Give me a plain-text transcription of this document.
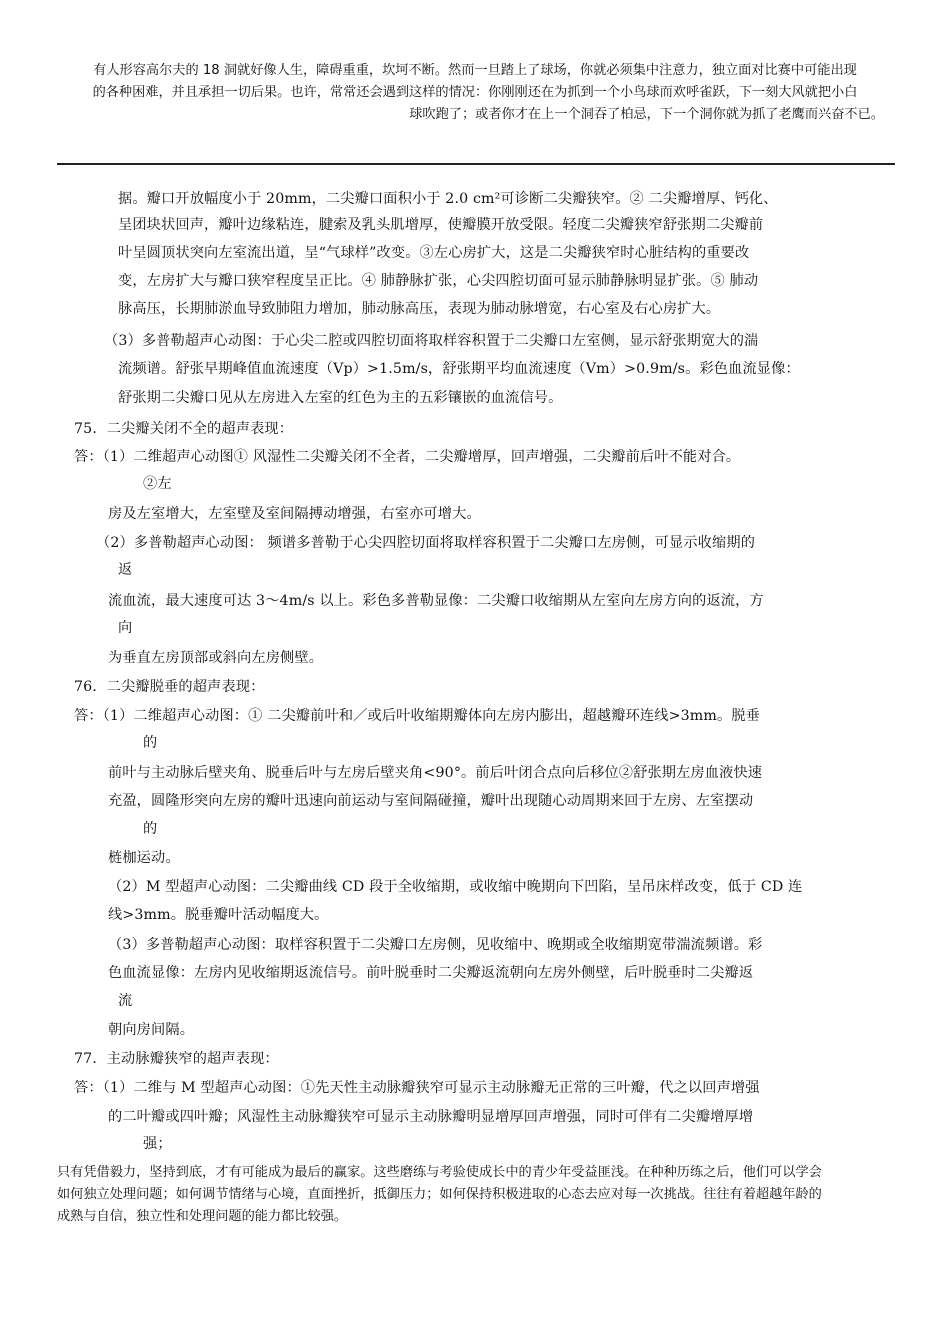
有人形容高尔夫的 18 洞就好像人生，障碍重重，坎坷不断。然而一旦踏上了球场，你就必须集中注意力，独立面对比赛中可能出现
的各种困难，并且承担一切后果。也许，常常还会遇到这样的情况：你刚刚还在为抓到一个小鸟球而欢呼雀跃，下一刻大风就把小白
球吹跑了；或者你才在上一个洞吞了柏忌，下一个洞你就为抓了老鹰而兴奋不已。
据。瓣口开放幅度小于 20mm，二尖瓣口面积小于 2.0 cm²可诊断二尖瓣狭窄。② 二尖瓣增厚、钙化、
呈团块状回声，瓣叶边缘粘连，腱索及乳头肌增厚，使瓣膜开放受限。轻度二尖瓣狭窄舒张期二尖瓣前
叶呈圆顶状突向左室流出道，呈“气球样”改变。③左心房扩大，这是二尖瓣狭窄时心脏结构的重要改
变，左房扩大与瓣口狭窄程度呈正比。④ 肺静脉扩张，心尖四腔切面可显示肺静脉明显扩张。⑤ 肺动
脉高压，长期肺淤血导致肺阻力增加，肺动脉高压，表现为肺动脉增宽，右心室及右心房扩大。
（3）多普勒超声心动图：于心尖二腔或四腔切面将取样容积置于二尖瓣口左室侧，显示舒张期宽大的湍
流频谱。舒张早期峰值血流速度（Vp）>1.5m/s，舒张期平均血流速度（Vm）>0.9m/s。彩色血流显像：
舒张期二尖瓣口见从左房进入左室的红色为主的五彩镶嵌的血流信号。
75．二尖瓣关闭不全的超声表现：
答：（1）二维超声心动图① 风湿性二尖瓣关闭不全者，二尖瓣增厚，回声增强，二尖瓣前后叶不能对合。
②左
房及左室增大，左室壁及室间隔搏动增强，右室亦可增大。
（2）多普勒超声心动图： 频谱多普勒于心尖四腔切面将取样容积置于二尖瓣口左房侧，可显示收缩期的
返
流血流，最大速度可达 3～4m/s 以上。彩色多普勒显像：二尖瓣口收缩期从左室向左房方向的返流，方
向
为垂直左房顶部或斜向左房侧壁。
76．二尖瓣脱垂的超声表现：
答：（1）二维超声心动图：① 二尖瓣前叶和／或后叶收缩期瓣体向左房内膨出，超越瓣环连线>3mm。脱垂
的
前叶与主动脉后壁夹角、脱垂后叶与左房后壁夹角<90°。前后叶闭合点向后移位②舒张期左房血液快速
充盈，圆隆形突向左房的瓣叶迅速向前运动与室间隔碰撞，瓣叶出现随心动周期来回于左房、左室摆动
的
梿枷运动。
（2）M 型超声心动图：二尖瓣曲线 CD 段于全收缩期，或收缩中晚期向下凹陷，呈吊床样改变，低于 CD 连
线>3mm。脱垂瓣叶活动幅度大。
（3）多普勒超声心动图：取样容积置于二尖瓣口左房侧，见收缩中、晚期或全收缩期宽带湍流频谱。彩
色血流显像：左房内见收缩期返流信号。前叶脱垂时二尖瓣返流朝向左房外侧壁，后叶脱垂时二尖瓣返
流
朝向房间隔。
77．主动脉瓣狭窄的超声表现：
答：（1）二维与 M 型超声心动图：①先天性主动脉瓣狭窄可显示主动脉瓣无正常的三叶瓣，代之以回声增强
的二叶瓣或四叶瓣；风湿性主动脉瓣狭窄可显示主动脉瓣明显增厚回声增强，同时可伴有二尖瓣增厚增
强；
只有凭借毅力，坚持到底，才有可能成为最后的赢家。这些磨练与考验使成长中的青少年受益匪浅。在种种历练之后，他们可以学会
如何独立处理问题；如何调节情绪与心境，直面挫折，抵御压力；如何保持积极进取的心态去应对每一次挑战。往往有着超越年龄的
成熟与自信，独立性和处理问题的能力都比较强。
